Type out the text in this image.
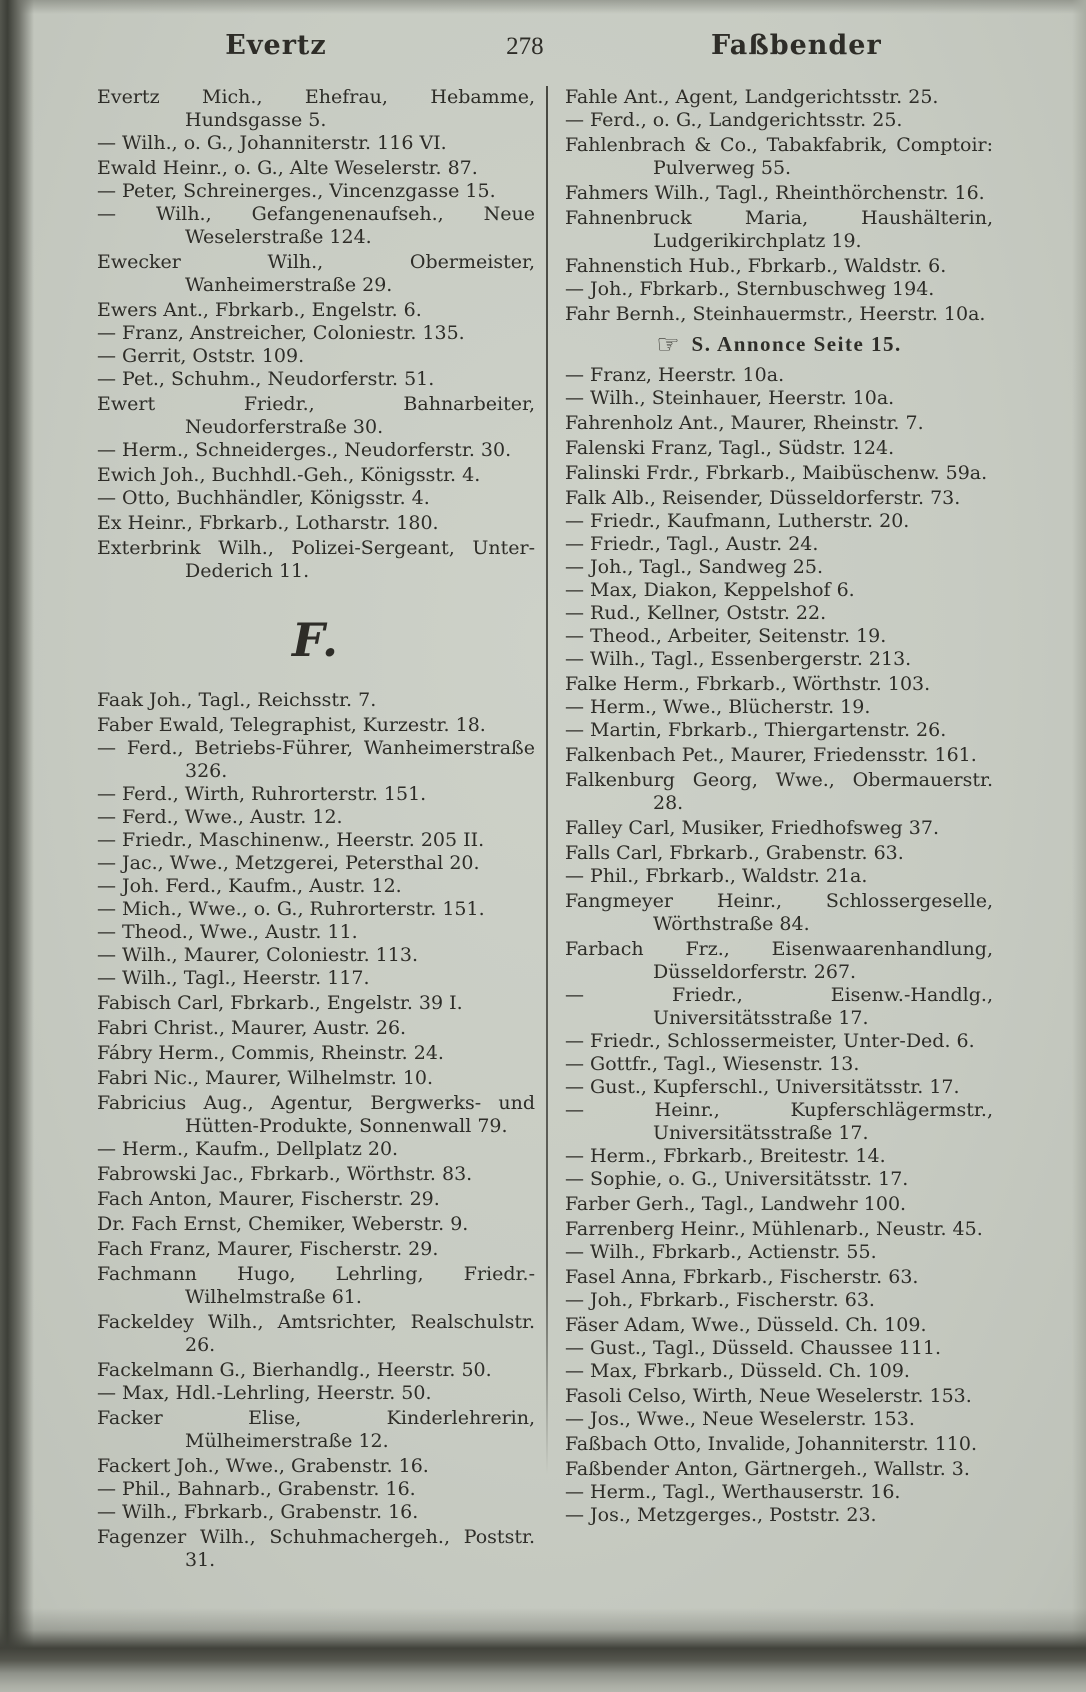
Evertz	278	Faßbender

Evertz Mich., Ehefrau, Hebamme, Hundsgasse 5.

— Wilh., o. G., Johanniterstr. 116 VI.

Ewald Heinr., o. G., Alte Weselerstr. 87.

— Peter, Schreinerges., Vincenzgasse 15.

— Wilh., Gefangenenaufseh., Neue Weselerstraße 124.

Ewecker Wilh., Obermeister, Wanheimerstraße 29.

Ewers Ant., Fbrkarb., Engelstr. 6.

— Franz, Anstreicher, Coloniestr. 135.

— Gerrit, Oststr. 109.

— Pet., Schuhm., Neudorferstr. 51.

Ewert Friedr., Bahnarbeiter, Neudorferstraße 30.

— Herm., Schneiderges., Neudorferstr. 30.

Ewich Joh., Buchhdl.-Geh., Königsstr. 4.

— Otto, Buchhändler, Königsstr. 4.

Ex Heinr., Fbrkarb., Lotharstr. 180.

Exterbrink Wilh., Polizei-Sergeant, Unter-Dederich 11.

F.

Faak Joh., Tagl., Reichsstr. 7.

Faber Ewald, Telegraphist, Kurzestr. 18.

— Ferd., Betriebs-Führer, Wanheimerstraße 326.

— Ferd., Wirth, Ruhrorterstr. 151.

— Ferd., Wwe., Austr. 12.

— Friedr., Maschinenw., Heerstr. 205 II.

— Jac., Wwe., Metzgerei, Petersthal 20.

— Joh. Ferd., Kaufm., Austr. 12.

— Mich., Wwe., o. G., Ruhrorterstr. 151.

— Theod., Wwe., Austr. 11.

— Wilh., Maurer, Coloniestr. 113.

— Wilh., Tagl., Heerstr. 117.

Fabisch Carl, Fbrkarb., Engelstr. 39 I.

Fabri Christ., Maurer, Austr. 26.

Fábry Herm., Commis, Rheinstr. 24.

Fabri Nic., Maurer, Wilhelmstr. 10.

Fabricius Aug., Agentur, Bergwerks- und Hütten-Produkte, Sonnenwall 79.

— Herm., Kaufm., Dellplatz 20.

Fabrowski Jac., Fbrkarb., Wörthstr. 83.

Fach Anton, Maurer, Fischerstr. 29.

Dr. Fach Ernst, Chemiker, Weberstr. 9.

Fach Franz, Maurer, Fischerstr. 29.

Fachmann Hugo, Lehrling, Friedr.-Wilhelmstraße 61.

Fackeldey Wilh., Amtsrichter, Realschulstr. 26.

Fackelmann G., Bierhandlg., Heerstr. 50.

— Max, Hdl.-Lehrling, Heerstr. 50.

Facker Elise, Kinderlehrerin, Mülheimerstraße 12.

Fackert Joh., Wwe., Grabenstr. 16.

— Phil., Bahnarb., Grabenstr. 16.

— Wilh., Fbrkarb., Grabenstr. 16.

Fagenzer Wilh., Schuhmachergeh., Poststr. 31.

Fahle Ant., Agent, Landgerichtsstr. 25.

— Ferd., o. G., Landgerichtsstr. 25.

Fahlenbrach & Co., Tabakfabrik, Comptoir: Pulverweg 55.

Fahmers Wilh., Tagl., Rheinthörchenstr. 16.

Fahnenbruck Maria, Haushälterin, Ludgerikirchplatz 19.

Fahnenstich Hub., Fbrkarb., Waldstr. 6.

— Joh., Fbrkarb., Sternbuschweg 194.

Fahr Bernh., Steinhauermstr., Heerstr. 10a.

☞ S. Annonce Seite 15.

— Franz, Heerstr. 10a.

— Wilh., Steinhauer, Heerstr. 10a.

Fahrenholz Ant., Maurer, Rheinstr. 7.

Falenski Franz, Tagl., Südstr. 124.

Falinski Frdr., Fbrkarb., Maibüschenw. 59a.

Falk Alb., Reisender, Düsseldorferstr. 73.

— Friedr., Kaufmann, Lutherstr. 20.

— Friedr., Tagl., Austr. 24.

— Joh., Tagl., Sandweg 25.

— Max, Diakon, Keppelshof 6.

— Rud., Kellner, Oststr. 22.

— Theod., Arbeiter, Seitenstr. 19.

— Wilh., Tagl., Essenbergerstr. 213.

Falke Herm., Fbrkarb., Wörthstr. 103.

— Herm., Wwe., Blücherstr. 19.

— Martin, Fbrkarb., Thiergartenstr. 26.

Falkenbach Pet., Maurer, Friedensstr. 161.

Falkenburg Georg, Wwe., Obermauerstr. 28.

Falley Carl, Musiker, Friedhofsweg 37.

Falls Carl, Fbrkarb., Grabenstr. 63.

— Phil., Fbrkarb., Waldstr. 21a.

Fangmeyer Heinr., Schlossergeselle, Wörthstraße 84.

Farbach Frz., Eisenwaarenhandlung, Düsseldorferstr. 267.

— Friedr., Eisenw.-Handlg., Universitätsstraße 17.

— Friedr., Schlossermeister, Unter-Ded. 6.

— Gottfr., Tagl., Wiesenstr. 13.

— Gust., Kupferschl., Universitätsstr. 17.

— Heinr., Kupferschlägermstr., Universitätsstraße 17.

— Herm., Fbrkarb., Breitestr. 14.

— Sophie, o. G., Universitätsstr. 17.

Farber Gerh., Tagl., Landwehr 100.

Farrenberg Heinr., Mühlenarb., Neustr. 45.

— Wilh., Fbrkarb., Actienstr. 55.

Fasel Anna, Fbrkarb., Fischerstr. 63.

— Joh., Fbrkarb., Fischerstr. 63.

Fäser Adam, Wwe., Düsseld. Ch. 109.

— Gust., Tagl., Düsseld. Chaussee 111.

— Max, Fbrkarb., Düsseld. Ch. 109.

Fasoli Celso, Wirth, Neue Weselerstr. 153.

— Jos., Wwe., Neue Weselerstr. 153.

Faßbach Otto, Invalide, Johanniterstr. 110.

Faßbender Anton, Gärtnergeh., Wallstr. 3.

— Herm., Tagl., Werthauserstr. 16.

— Jos., Metzgerges., Poststr. 23.
